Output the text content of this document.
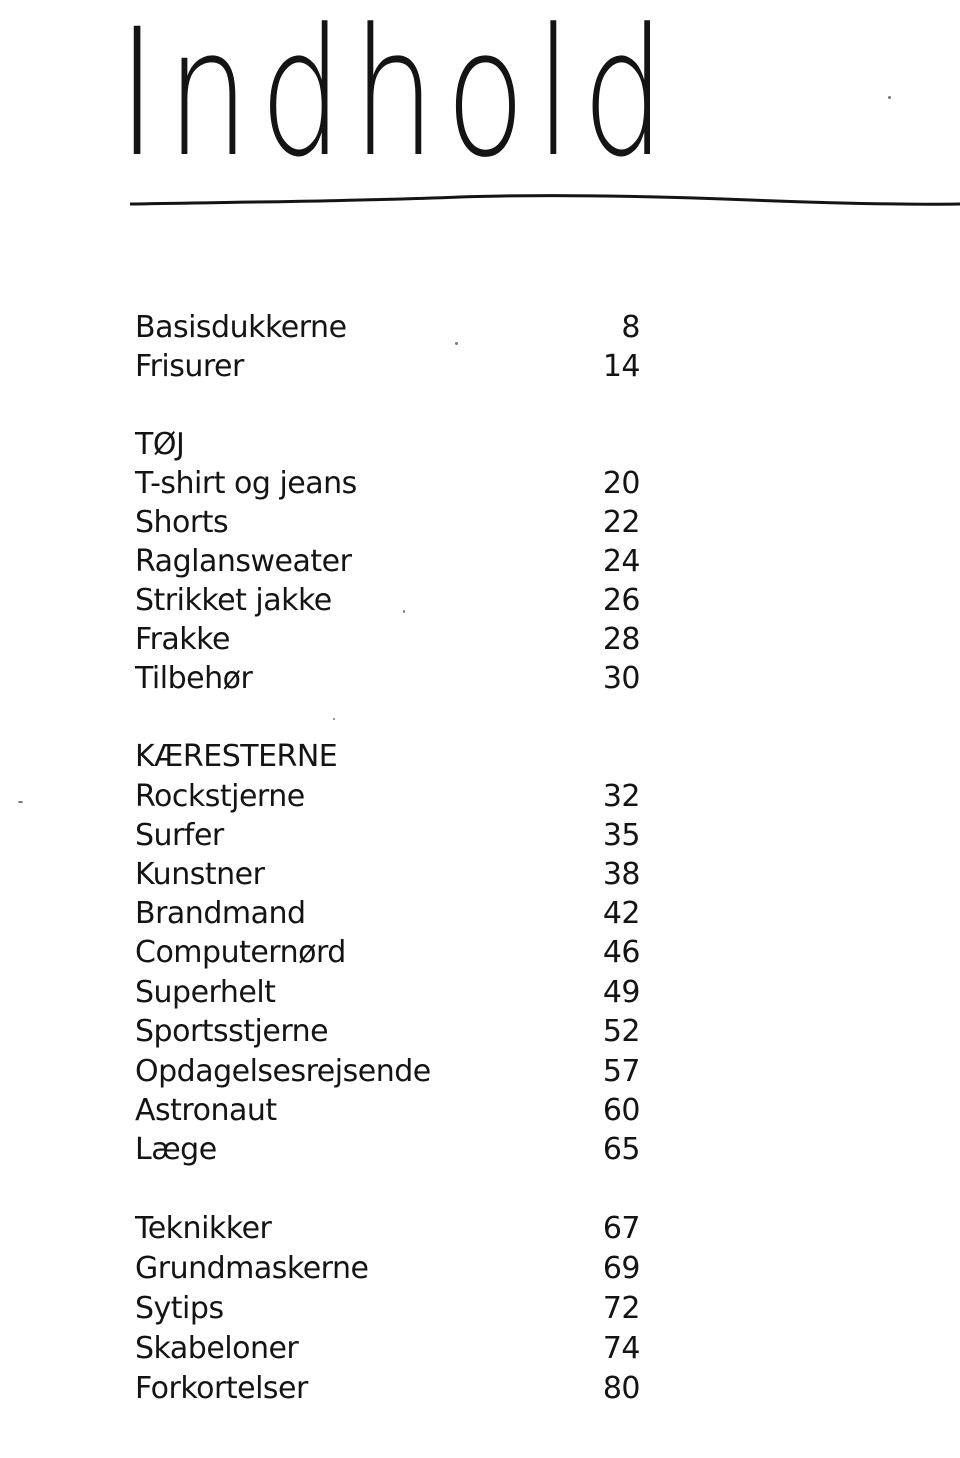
Indhold
Basisdukkerne	8
Frisurer	14
TØJ
T-shirt og jeans	20
Shorts	22
Raglansweater	24
Strikket jakke	26
Frakke	28
Tilbehør	30
KÆRESTERNE
Rockstjerne	32
Surfer	35
Kunstner	38
Brandmand	42
Computernørd	46
Superhelt	49
Sportsstjerne	52
Opdagelsesrejsende	57
Astronaut	60
Læge	65
Teknikker	67
Grundmaskerne	69
Sytips	72
Skabeloner	74
Forkortelser	80
